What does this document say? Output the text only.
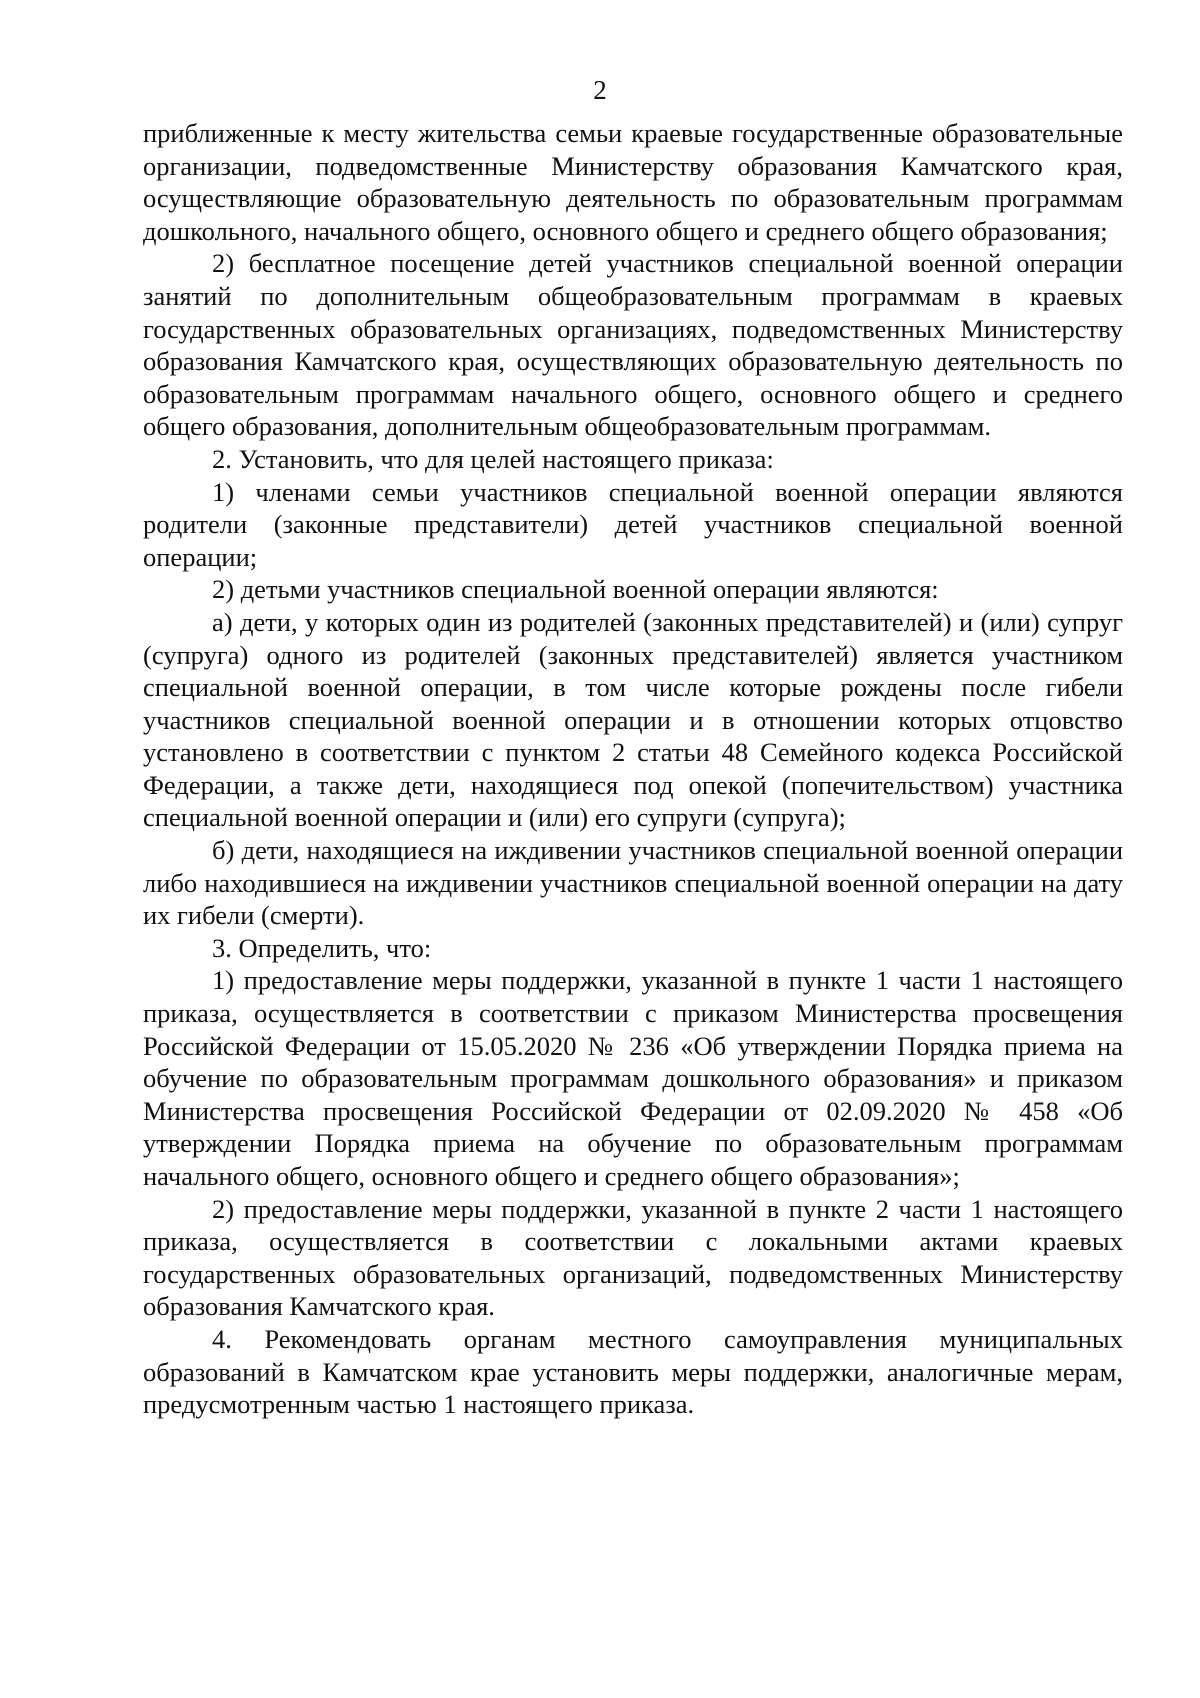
2

приближенные к месту жительства семьи краевые государственные образовательные организации, подведомственные Министерству образования Камчатского края, осуществляющие образовательную деятельность по образовательным программам дошкольного, начального общего, основного общего и среднего общего образования;

2) бесплатное посещение детей участников специальной военной операции занятий по дополнительным общеобразовательным программам в краевых государственных образовательных организациях, подведомственных Министерству образования Камчатского края, осуществляющих образовательную деятельность по образовательным программам начального общего, основного общего и среднего общего образования, дополнительным общеобразовательным программам.

2. Установить, что для целей настоящего приказа:

1) членами семьи участников специальной военной операции являются родители (законные представители) детей участников специальной военной операции;

2) детьми участников специальной военной операции являются:

а) дети, у которых один из родителей (законных представителей) и (или) супруг (супруга) одного из родителей (законных представителей) является участником специальной военной операции, в том числе которые рождены после гибели участников специальной военной операции и в отношении которых отцовство установлено в соответствии с пунктом 2 статьи 48 Семейного кодекса Российской Федерации, а также дети, находящиеся под опекой (попечительством) участника специальной военной операции и (или) его супруги (супруга);

б) дети, находящиеся на иждивении участников специальной военной операции либо находившиеся на иждивении участников специальной военной операции на дату их гибели (смерти).

3. Определить, что:

1) предоставление меры поддержки, указанной в пункте 1 части 1 настоящего приказа, осуществляется в соответствии с приказом Министерства просвещения Российской Федерации от 15.05.2020 № 236 «Об утверждении Порядка приема на обучение по образовательным программам дошкольного образования» и приказом Министерства просвещения Российской Федерации от 02.09.2020 № 458 «Об утверждении Порядка приема на обучение по образовательным программам начального общего, основного общего и среднего общего образования»;

2) предоставление меры поддержки, указанной в пункте 2 части 1 настоящего приказа, осуществляется в соответствии с локальными актами краевых государственных образовательных организаций, подведомственных Министерству образования Камчатского края.

4. Рекомендовать органам местного самоуправления муниципальных образований в Камчатском крае установить меры поддержки, аналогичные мерам, предусмотренным частью 1 настоящего приказа.
